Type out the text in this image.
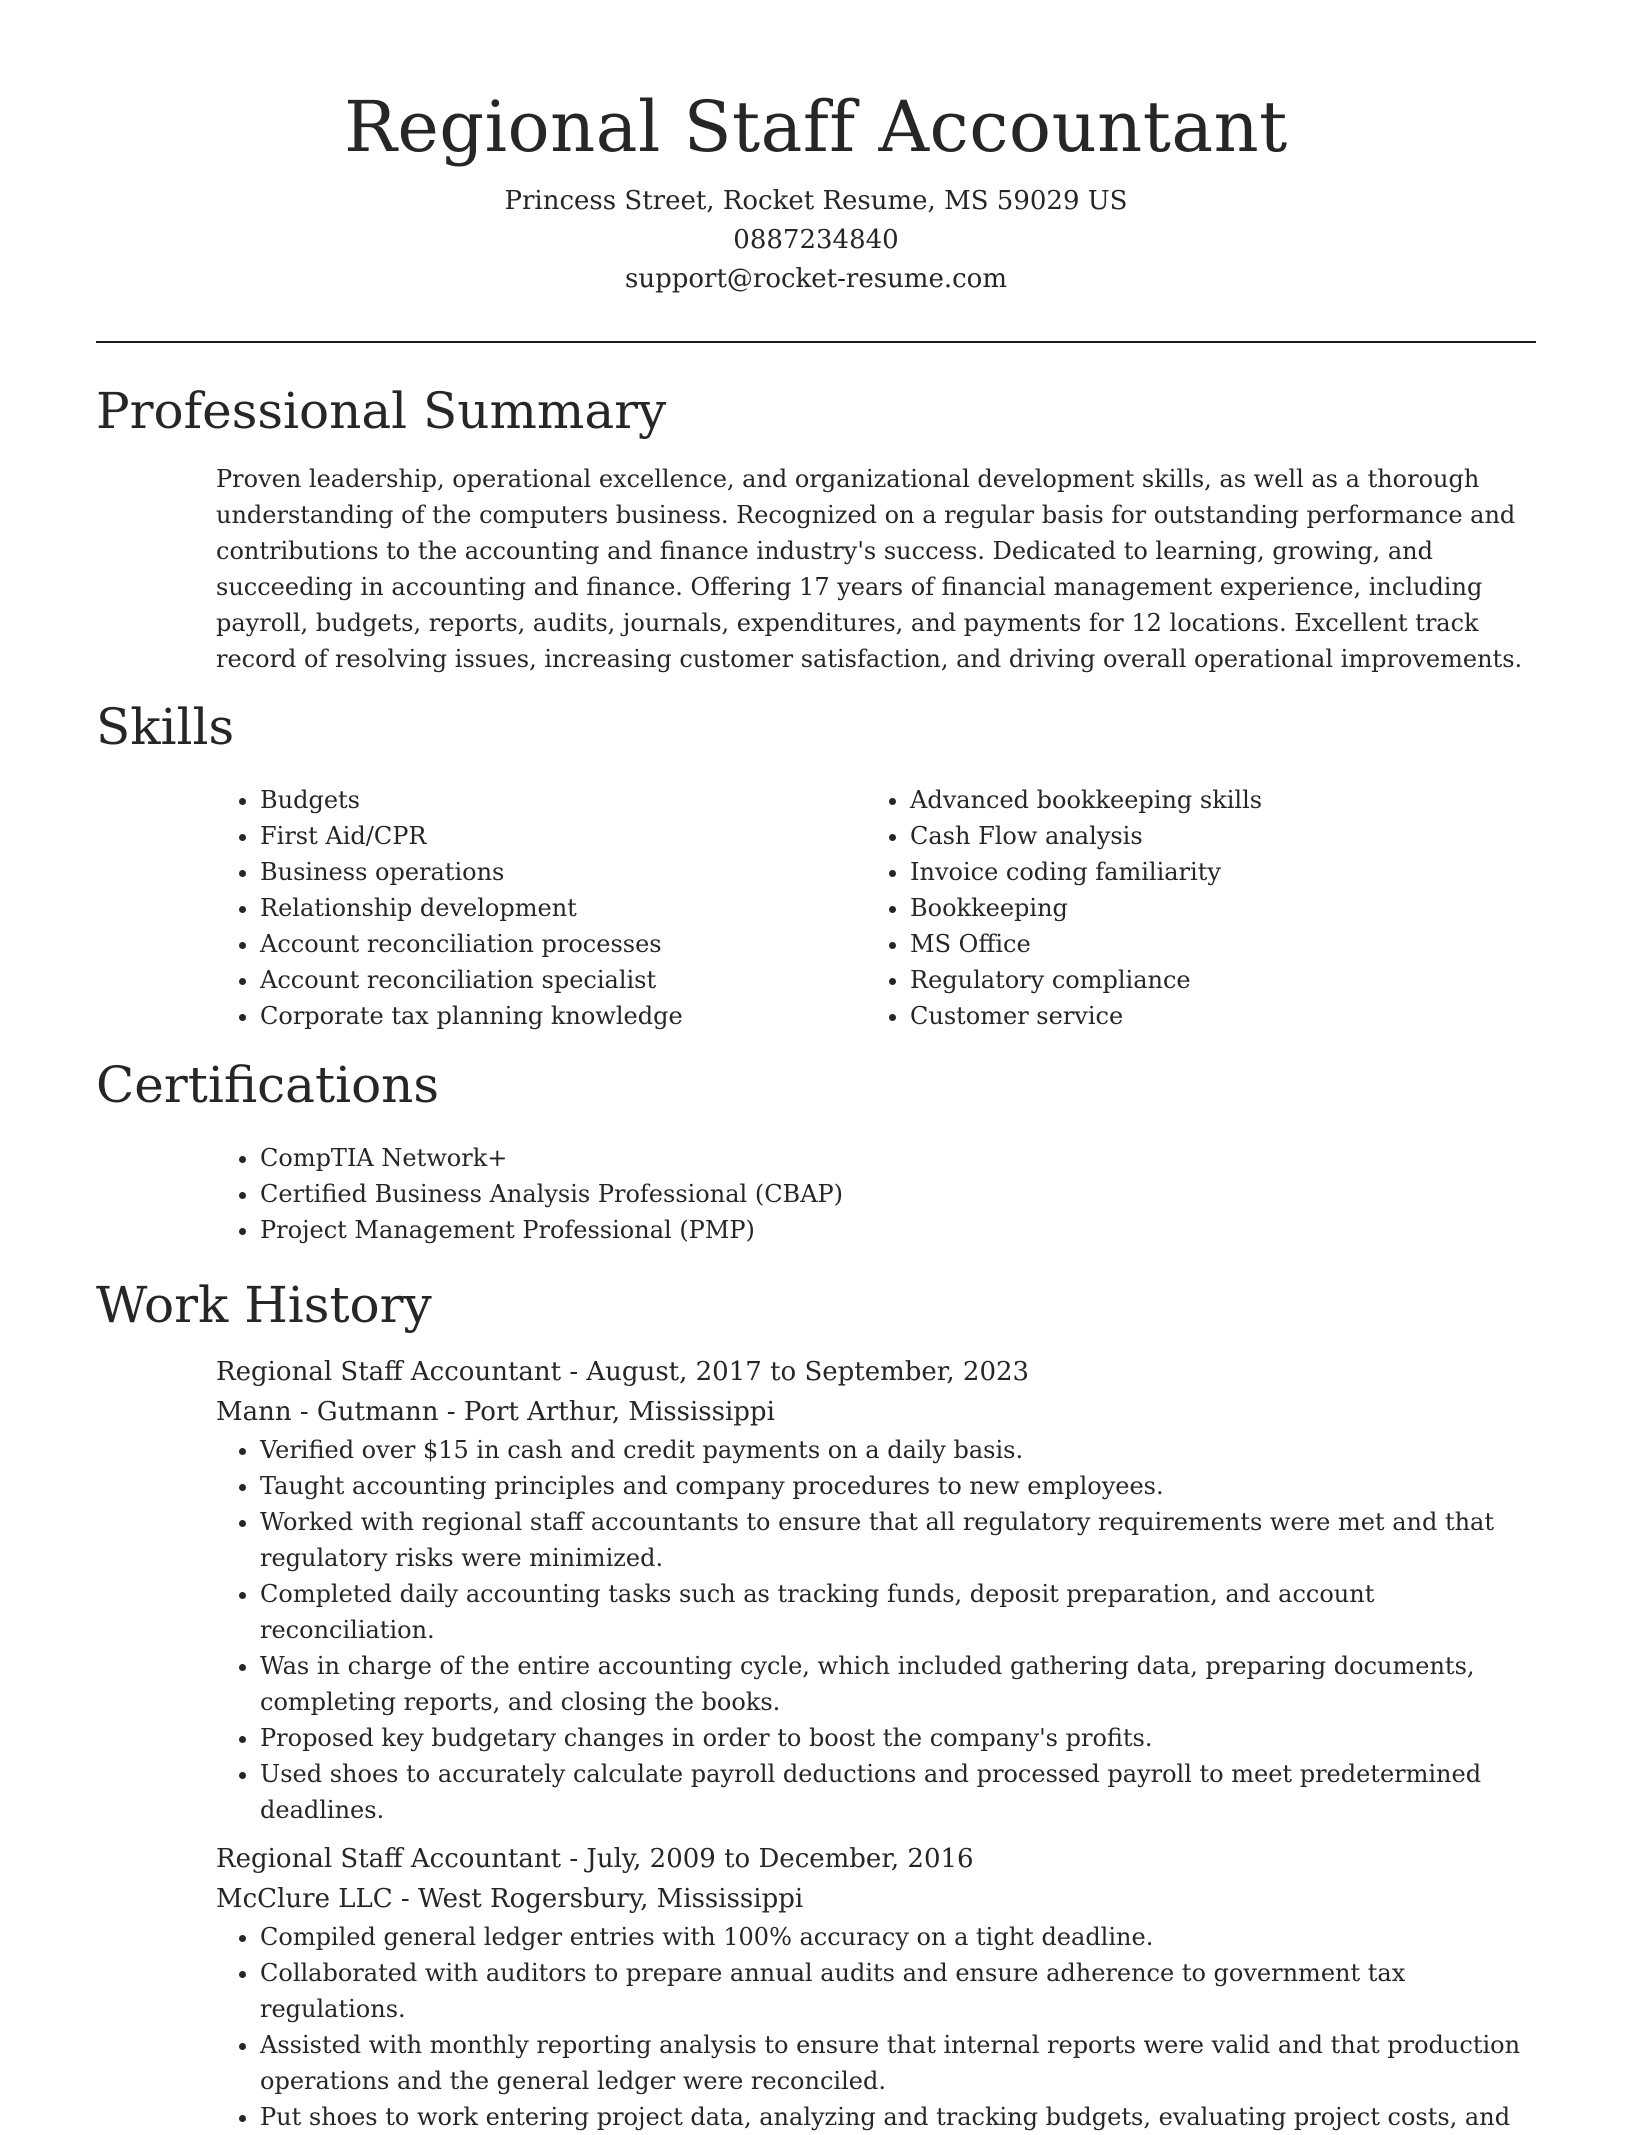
Regional Staff Accountant

Princess Street, Rocket Resume, MS 59029 US

0887234840

support@rocket-resume.com

Professional Summary

Proven leadership, operational excellence, and organizational development skills, as well as a thorough understanding of the computers business. Recognized on a regular basis for outstanding performance and contributions to the accounting and finance industry's success. Dedicated to learning, growing, and succeeding in accounting and finance. Offering 17 years of financial management experience, including payroll, budgets, reports, audits, journals, expenditures, and payments for 12 locations. Excellent track record of resolving issues, increasing customer satisfaction, and driving overall operational improvements.

Skills
• Budgets
• First Aid/CPR
• Business operations
• Relationship development
• Account reconciliation processes
• Account reconciliation specialist
• Corporate tax planning knowledge
• Advanced bookkeeping skills
• Cash Flow analysis
• Invoice coding familiarity
• Bookkeeping
• MS Office
• Regulatory compliance
• Customer service
Certifications
• CompTIA Network+
• Certified Business Analysis Professional (CBAP)
• Project Management Professional (PMP)
Work History

Regional Staff Accountant - August, 2017 to September, 2023

Mann - Gutmann - Port Arthur, Mississippi

• Verified over $15 in cash and credit payments on a daily basis.
• Taught accounting principles and company procedures to new employees.
• Worked with regional staff accountants to ensure that all regulatory requirements were met and that regulatory risks were minimized.
• Completed daily accounting tasks such as tracking funds, deposit preparation, and account reconciliation.
• Was in charge of the entire accounting cycle, which included gathering data, preparing documents, completing reports, and closing the books.
• Proposed key budgetary changes in order to boost the company's profits.
• Used shoes to accurately calculate payroll deductions and processed payroll to meet predetermined deadlines.

Regional Staff Accountant - July, 2009 to December, 2016

McClure LLC - West Rogersbury, Mississippi

• Compiled general ledger entries with 100% accuracy on a tight deadline.
• Collaborated with auditors to prepare annual audits and ensure adherence to government tax regulations.
• Assisted with monthly reporting analysis to ensure that internal reports were valid and that production operations and the general ledger were reconciled.
• Put shoes to work entering project data, analyzing and tracking budgets, evaluating project costs, and
